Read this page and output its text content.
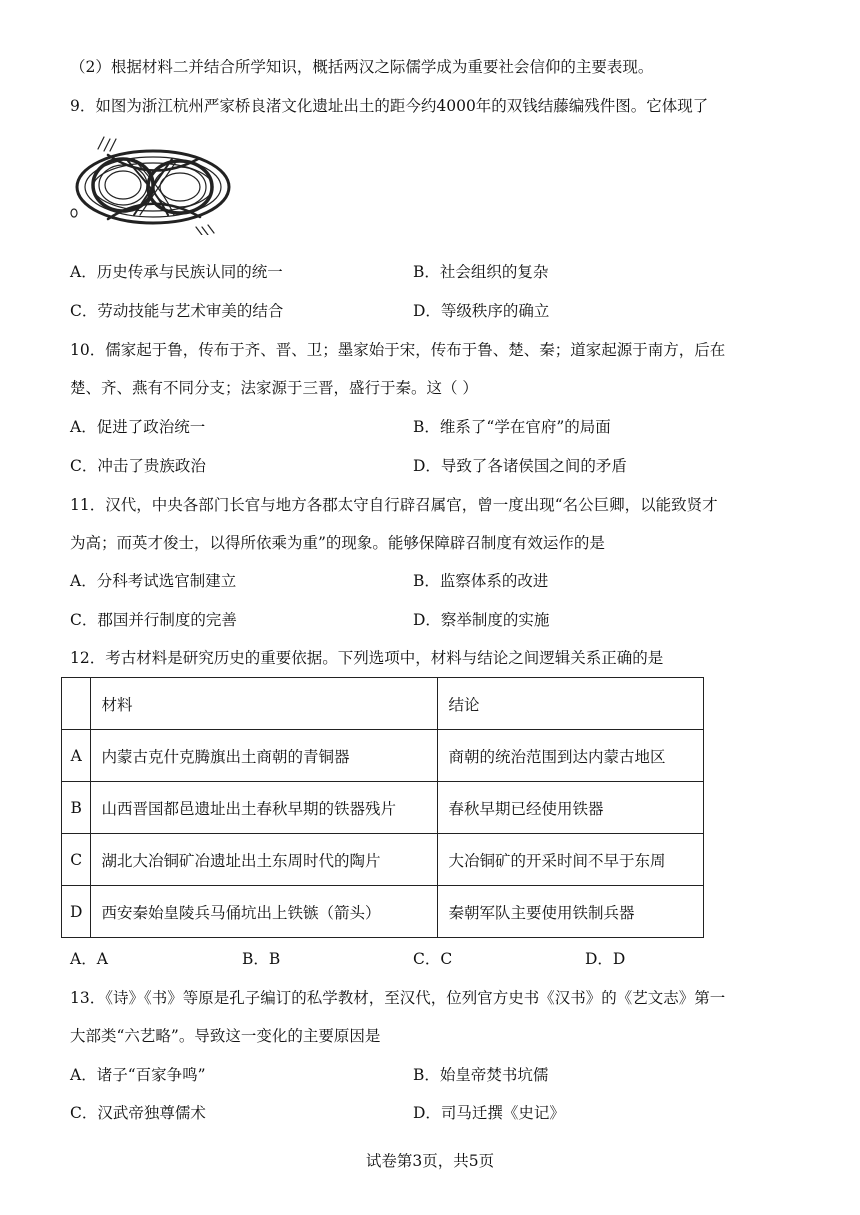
（2）根据材料二并结合所学知识，概括两汉之际儒学成为重要社会信仰的主要表现。
9．如图为浙江杭州严家桥良渚文化遗址出土的距今约4000年的双钱结藤编残件图。它体现了
A．历史传承与民族认同的统一	B．社会组织的复杂
C．劳动技能与艺术审美的结合	D．等级秩序的确立
10．儒家起于鲁，传布于齐、晋、卫；墨家始于宋，传布于鲁、楚、秦；道家起源于南方，后在
楚、齐、燕有不同分支；法家源于三晋，盛行于秦。这（ ）
A．促进了政治统一	B．维系了“学在官府”的局面
C．冲击了贵族政治	D．导致了各诸侯国之间的矛盾
11．汉代，中央各部门长官与地方各郡太守自行辟召属官，曾一度出现“名公巨卿，以能致贤才
为高；而英才俊士，以得所依乘为重”的现象。能够保障辟召制度有效运作的是
A．分科考试选官制建立	B．监察体系的改进
C．郡国并行制度的完善	D．察举制度的实施
12．考古材料是研究历史的重要依据。下列选项中，材料与结论之间逻辑关系正确的是
	材料	结论
A	内蒙古克什克腾旗出土商朝的青铜器	商朝的统治范围到达内蒙古地区
B	山西晋国都邑遗址出土春秋早期的铁器残片	春秋早期已经使用铁器
C	湖北大冶铜矿冶遗址出土东周时代的陶片	大冶铜矿的开采时间不早于东周
D	西安秦始皇陵兵马俑坑出上铁镞（箭头）	秦朝军队主要使用铁制兵器
A．A	B．B	C．C	D．D
13．《诗》《书》等原是孔子编订的私学教材，至汉代，位列官方史书《汉书》的《艺文志》第一
大部类“六艺略”。导致这一变化的主要原因是
A．诸子“百家争鸣”	B．始皇帝焚书坑儒
C．汉武帝独尊儒术	D．司马迁撰《史记》
试卷第3页，共5页
